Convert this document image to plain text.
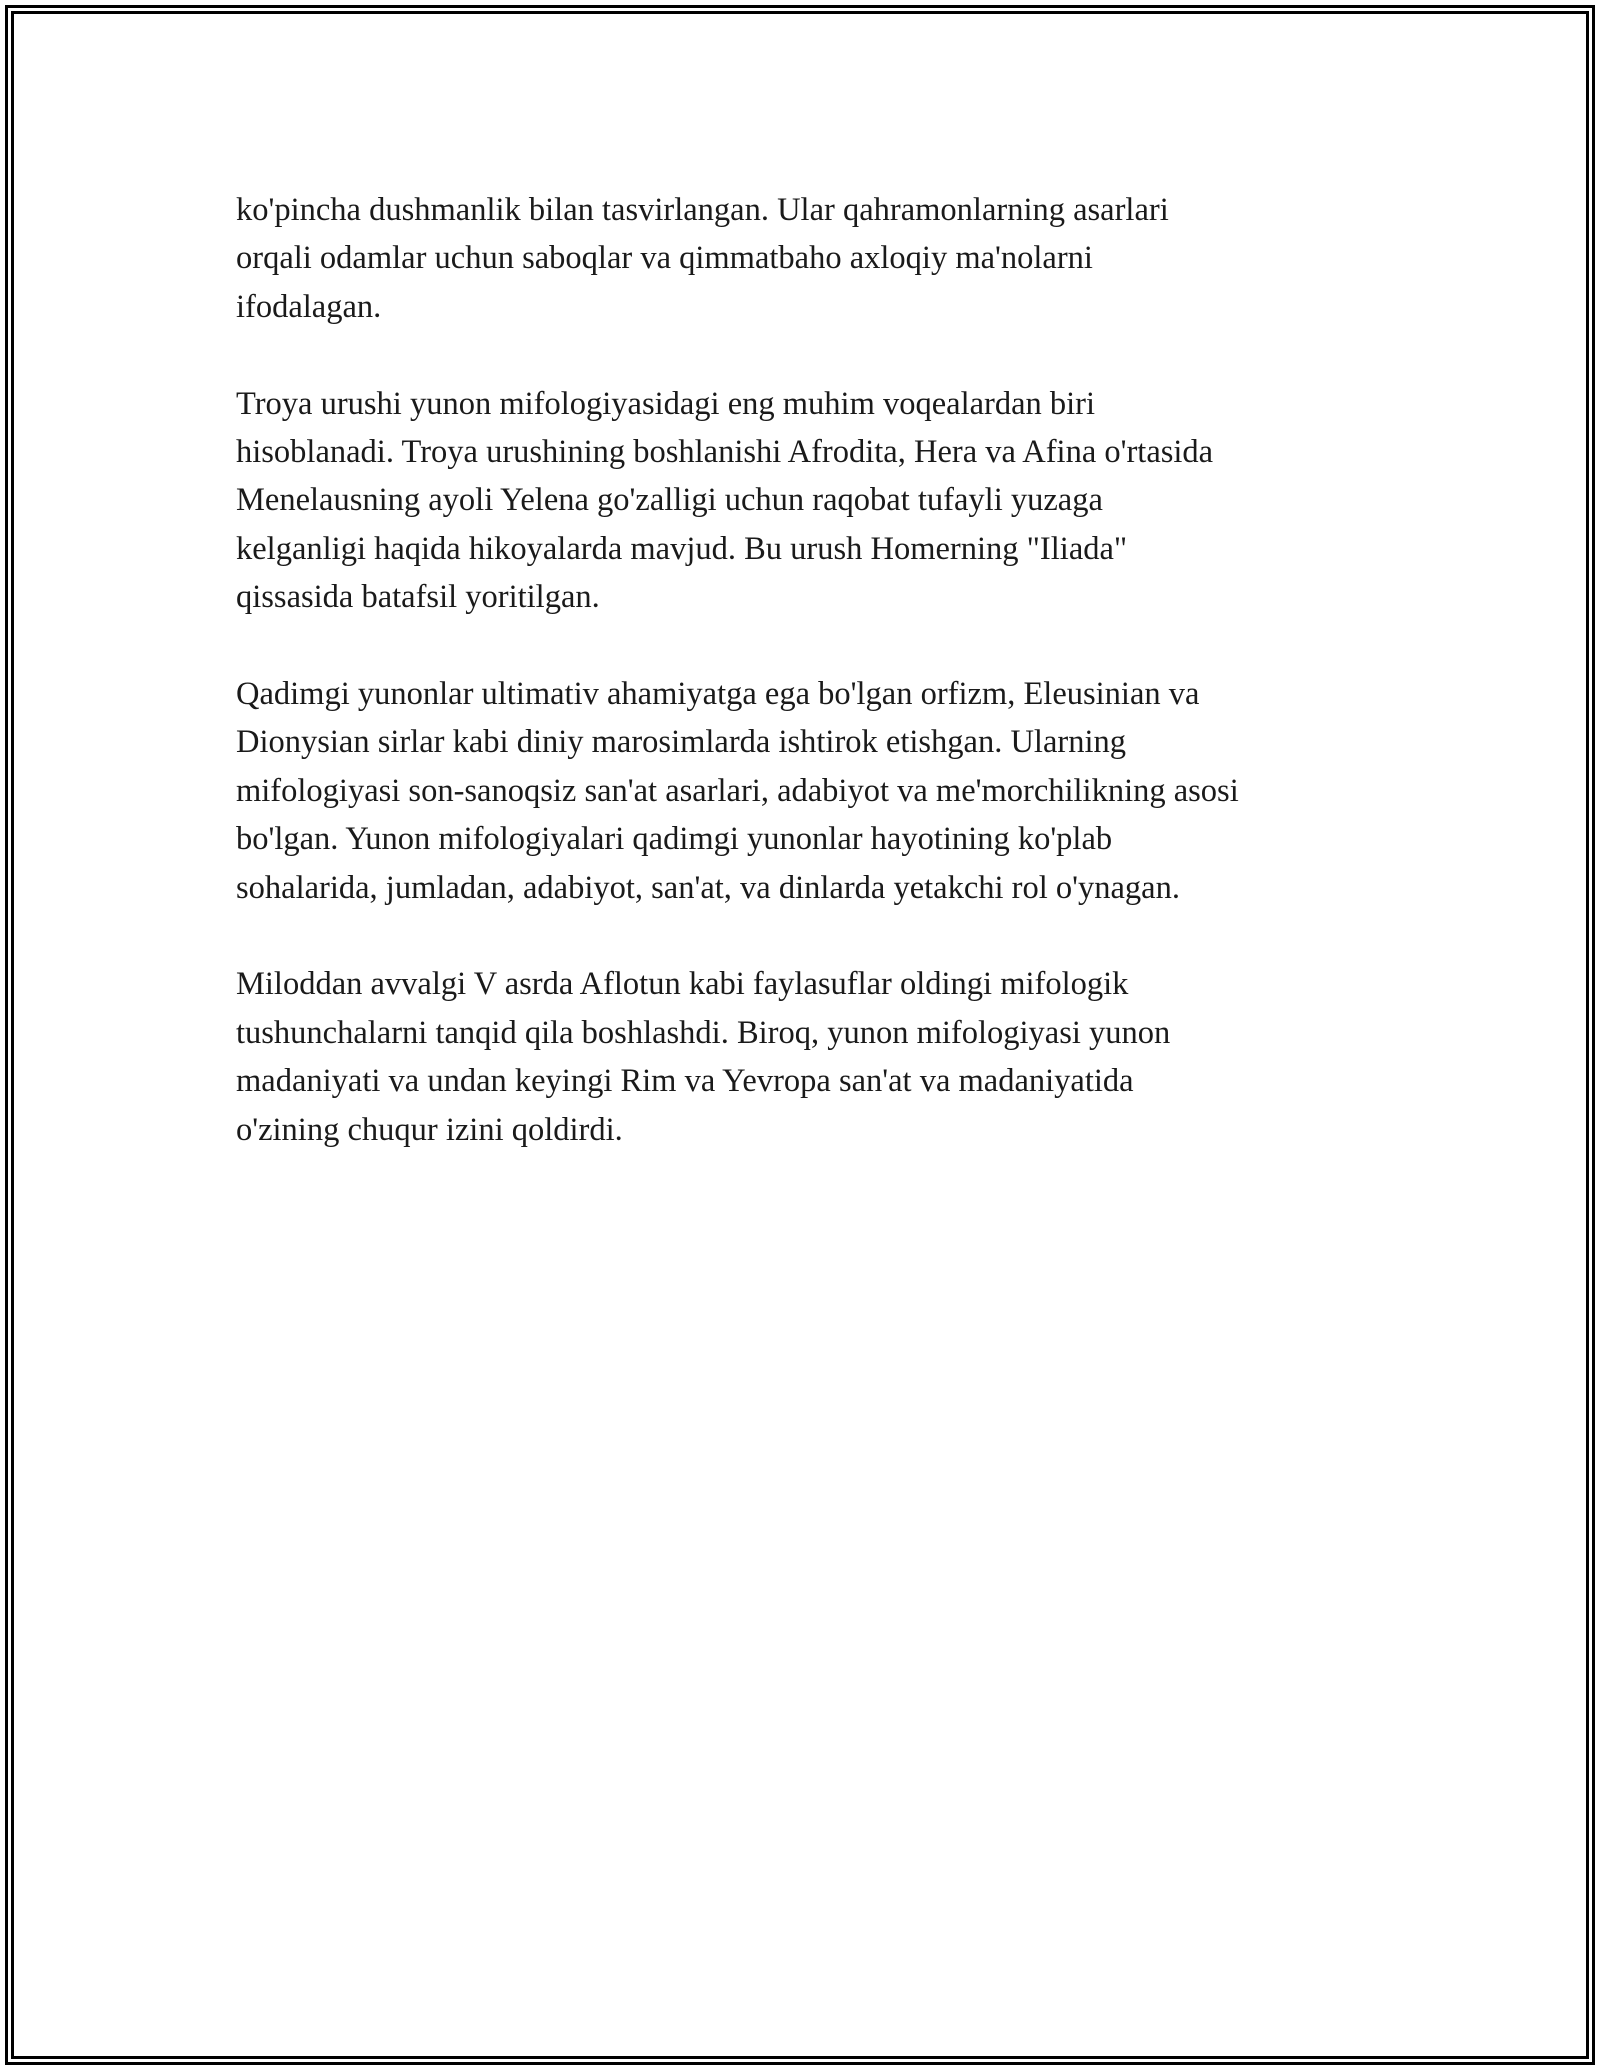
ko'pincha dushmanlik bilan tasvirlangan. Ular qahramonlarning asarlari
orqali odamlar uchun saboqlar va qimmatbaho axloqiy ma'nolarni
ifodalagan.

Troya urushi yunon mifologiyasidagi eng muhim voqealardan biri
hisoblanadi. Troya urushining boshlanishi Afrodita, Hera va Afina o'rtasida
Menelausning ayoli Yelena go'zalligi uchun raqobat tufayli yuzaga
kelganligi haqida hikoyalarda mavjud. Bu urush Homerning "Iliada"
qissasida batafsil yoritilgan.

Qadimgi yunonlar ultimativ ahamiyatga ega bo'lgan orfizm, Eleusinian va
Dionysian sirlar kabi diniy marosimlarda ishtirok etishgan. Ularning
mifologiyasi son-sanoqsiz san'at asarlari, adabiyot va me'morchilikning asosi
bo'lgan. Yunon mifologiyalari qadimgi yunonlar hayotining ko'plab
sohalarida, jumladan, adabiyot, san'at, va dinlarda yetakchi rol o'ynagan.

Miloddan avvalgi V asrda Aflotun kabi faylasuflar oldingi mifologik
tushunchalarni tanqid qila boshlashdi. Biroq, yunon mifologiyasi yunon
madaniyati va undan keyingi Rim va Yevropa san'at va madaniyatida
o'zining chuqur izini qoldirdi.
